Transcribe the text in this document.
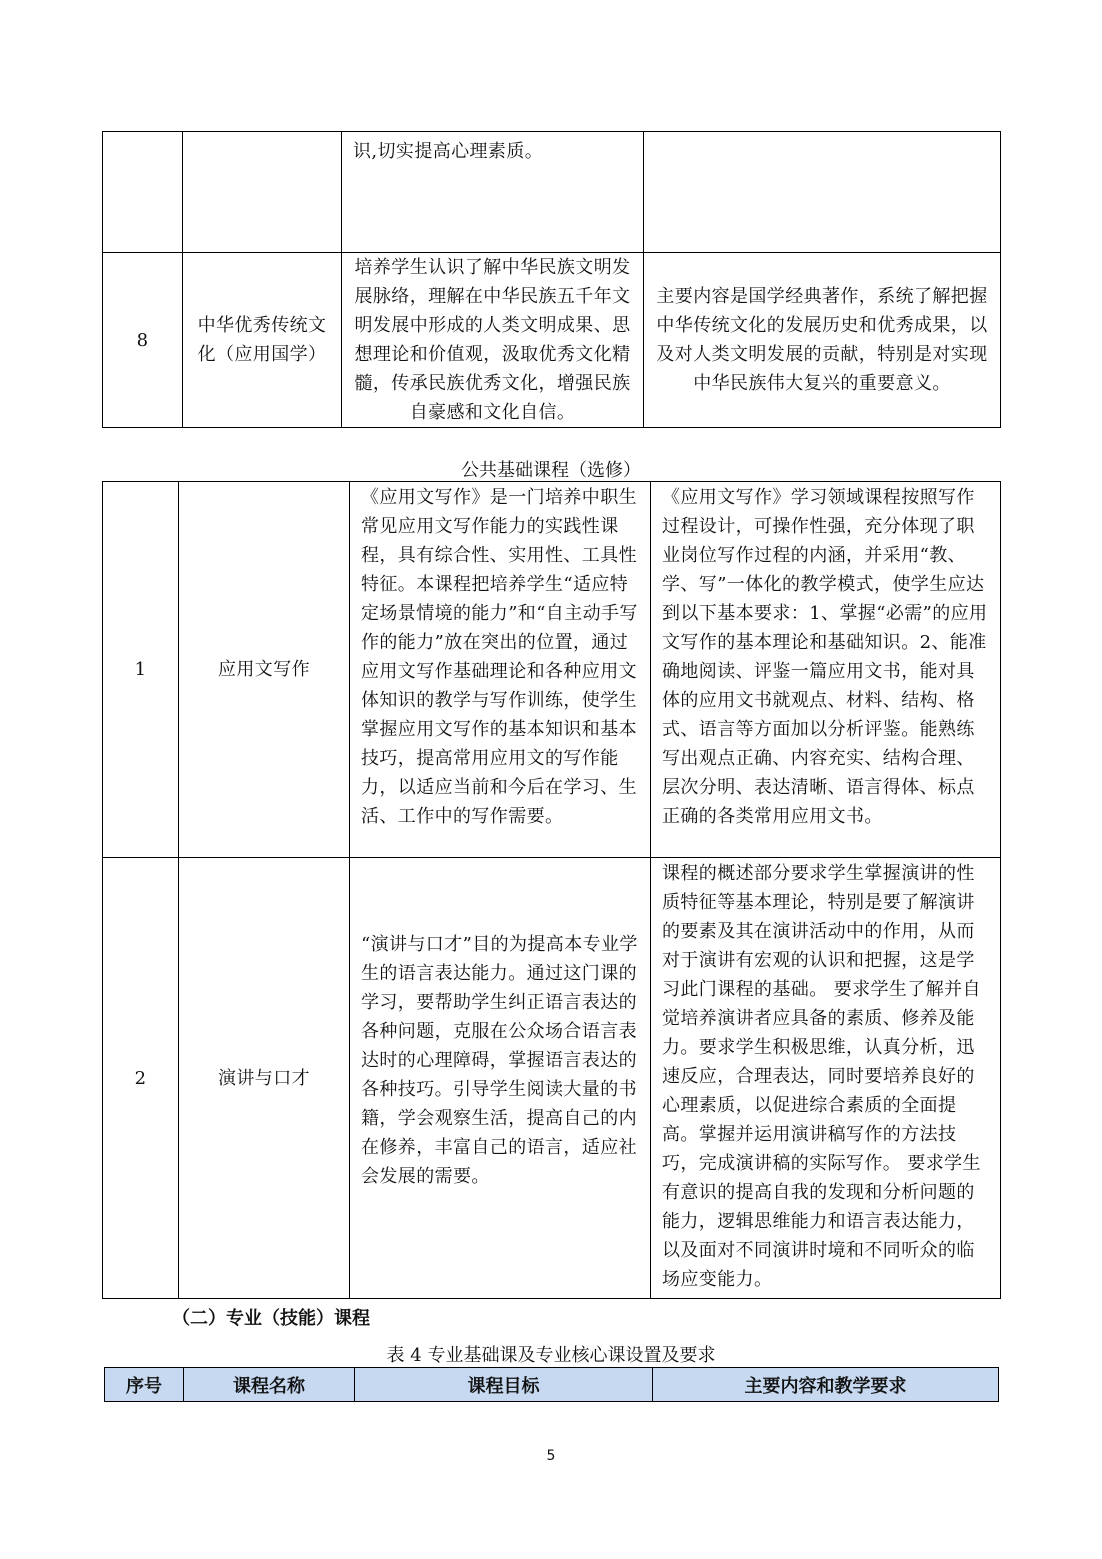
		识,切实提高心理素质。	
8	中华优秀传统文化（应用国学）	培养学生认识了解中华民族文明发展脉络，理解在中华民族五千年文明发展中形成的人类文明成果、思想理论和价值观，汲取优秀文化精髓，传承民族优秀文化，增强民族自豪感和文化自信。	主要内容是国学经典著作，系统了解把握中华传统文化的发展历史和优秀成果，以及对人类文明发展的贡献，特别是对实现中华民族伟大复兴的重要意义。
公共基础课程（选修）
1	应用文写作	《应用文写作》是一门培养中职生常见应用文写作能力的实践性课程，具有综合性、实用性、工具性特征。本课程把培养学生“适应特定场景情境的能力”和“自主动手写作的能力”放在突出的位置，通过应用文写作基础理论和各种应用文体知识的教学与写作训练，使学生掌握应用文写作的基本知识和基本技巧，提高常用应用文的写作能力，以适应当前和今后在学习、生活、工作中的写作需要。	《应用文写作》学习领域课程按照写作过程设计，可操作性强，充分体现了职业岗位写作过程的内涵，并采用“教、学、写”一体化的教学模式，使学生应达到以下基本要求：1、掌握“必需”的应用文写作的基本理论和基础知识。2、能准确地阅读、评鉴一篇应用文书，能对具体的应用文书就观点、材料、结构、格式、语言等方面加以分析评鉴。能熟练写出观点正确、内容充实、结构合理、层次分明、表达清晰、语言得体、标点正确的各类常用应用文书。
2	演讲与口才	“演讲与口才”目的为提高本专业学生的语言表达能力。通过这门课的学习，要帮助学生纠正语言表达的各种问题，克服在公众场合语言表达时的心理障碍，掌握语言表达的各种技巧。引导学生阅读大量的书籍，学会观察生活，提高自己的内在修养，丰富自己的语言，适应社会发展的需要。	课程的概述部分要求学生掌握演讲的性质特征等基本理论，特别是要了解演讲的要素及其在演讲活动中的作用，从而对于演讲有宏观的认识和把握，这是学习此门课程的基础。 要求学生了解并自觉培养演讲者应具备的素质、修养及能力。要求学生积极思维，认真分析，迅速反应，合理表达，同时要培养良好的心理素质，以促进综合素质的全面提高。掌握并运用演讲稿写作的方法技巧，完成演讲稿的实际写作。 要求学生有意识的提高自我的发现和分析问题的能力，逻辑思维能力和语言表达能力，以及面对不同演讲时境和不同听众的临场应变能力。
（二）专业（技能）课程
表 4 专业基础课及专业核心课设置及要求
序号	课程名称	课程目标	主要内容和教学要求
5
